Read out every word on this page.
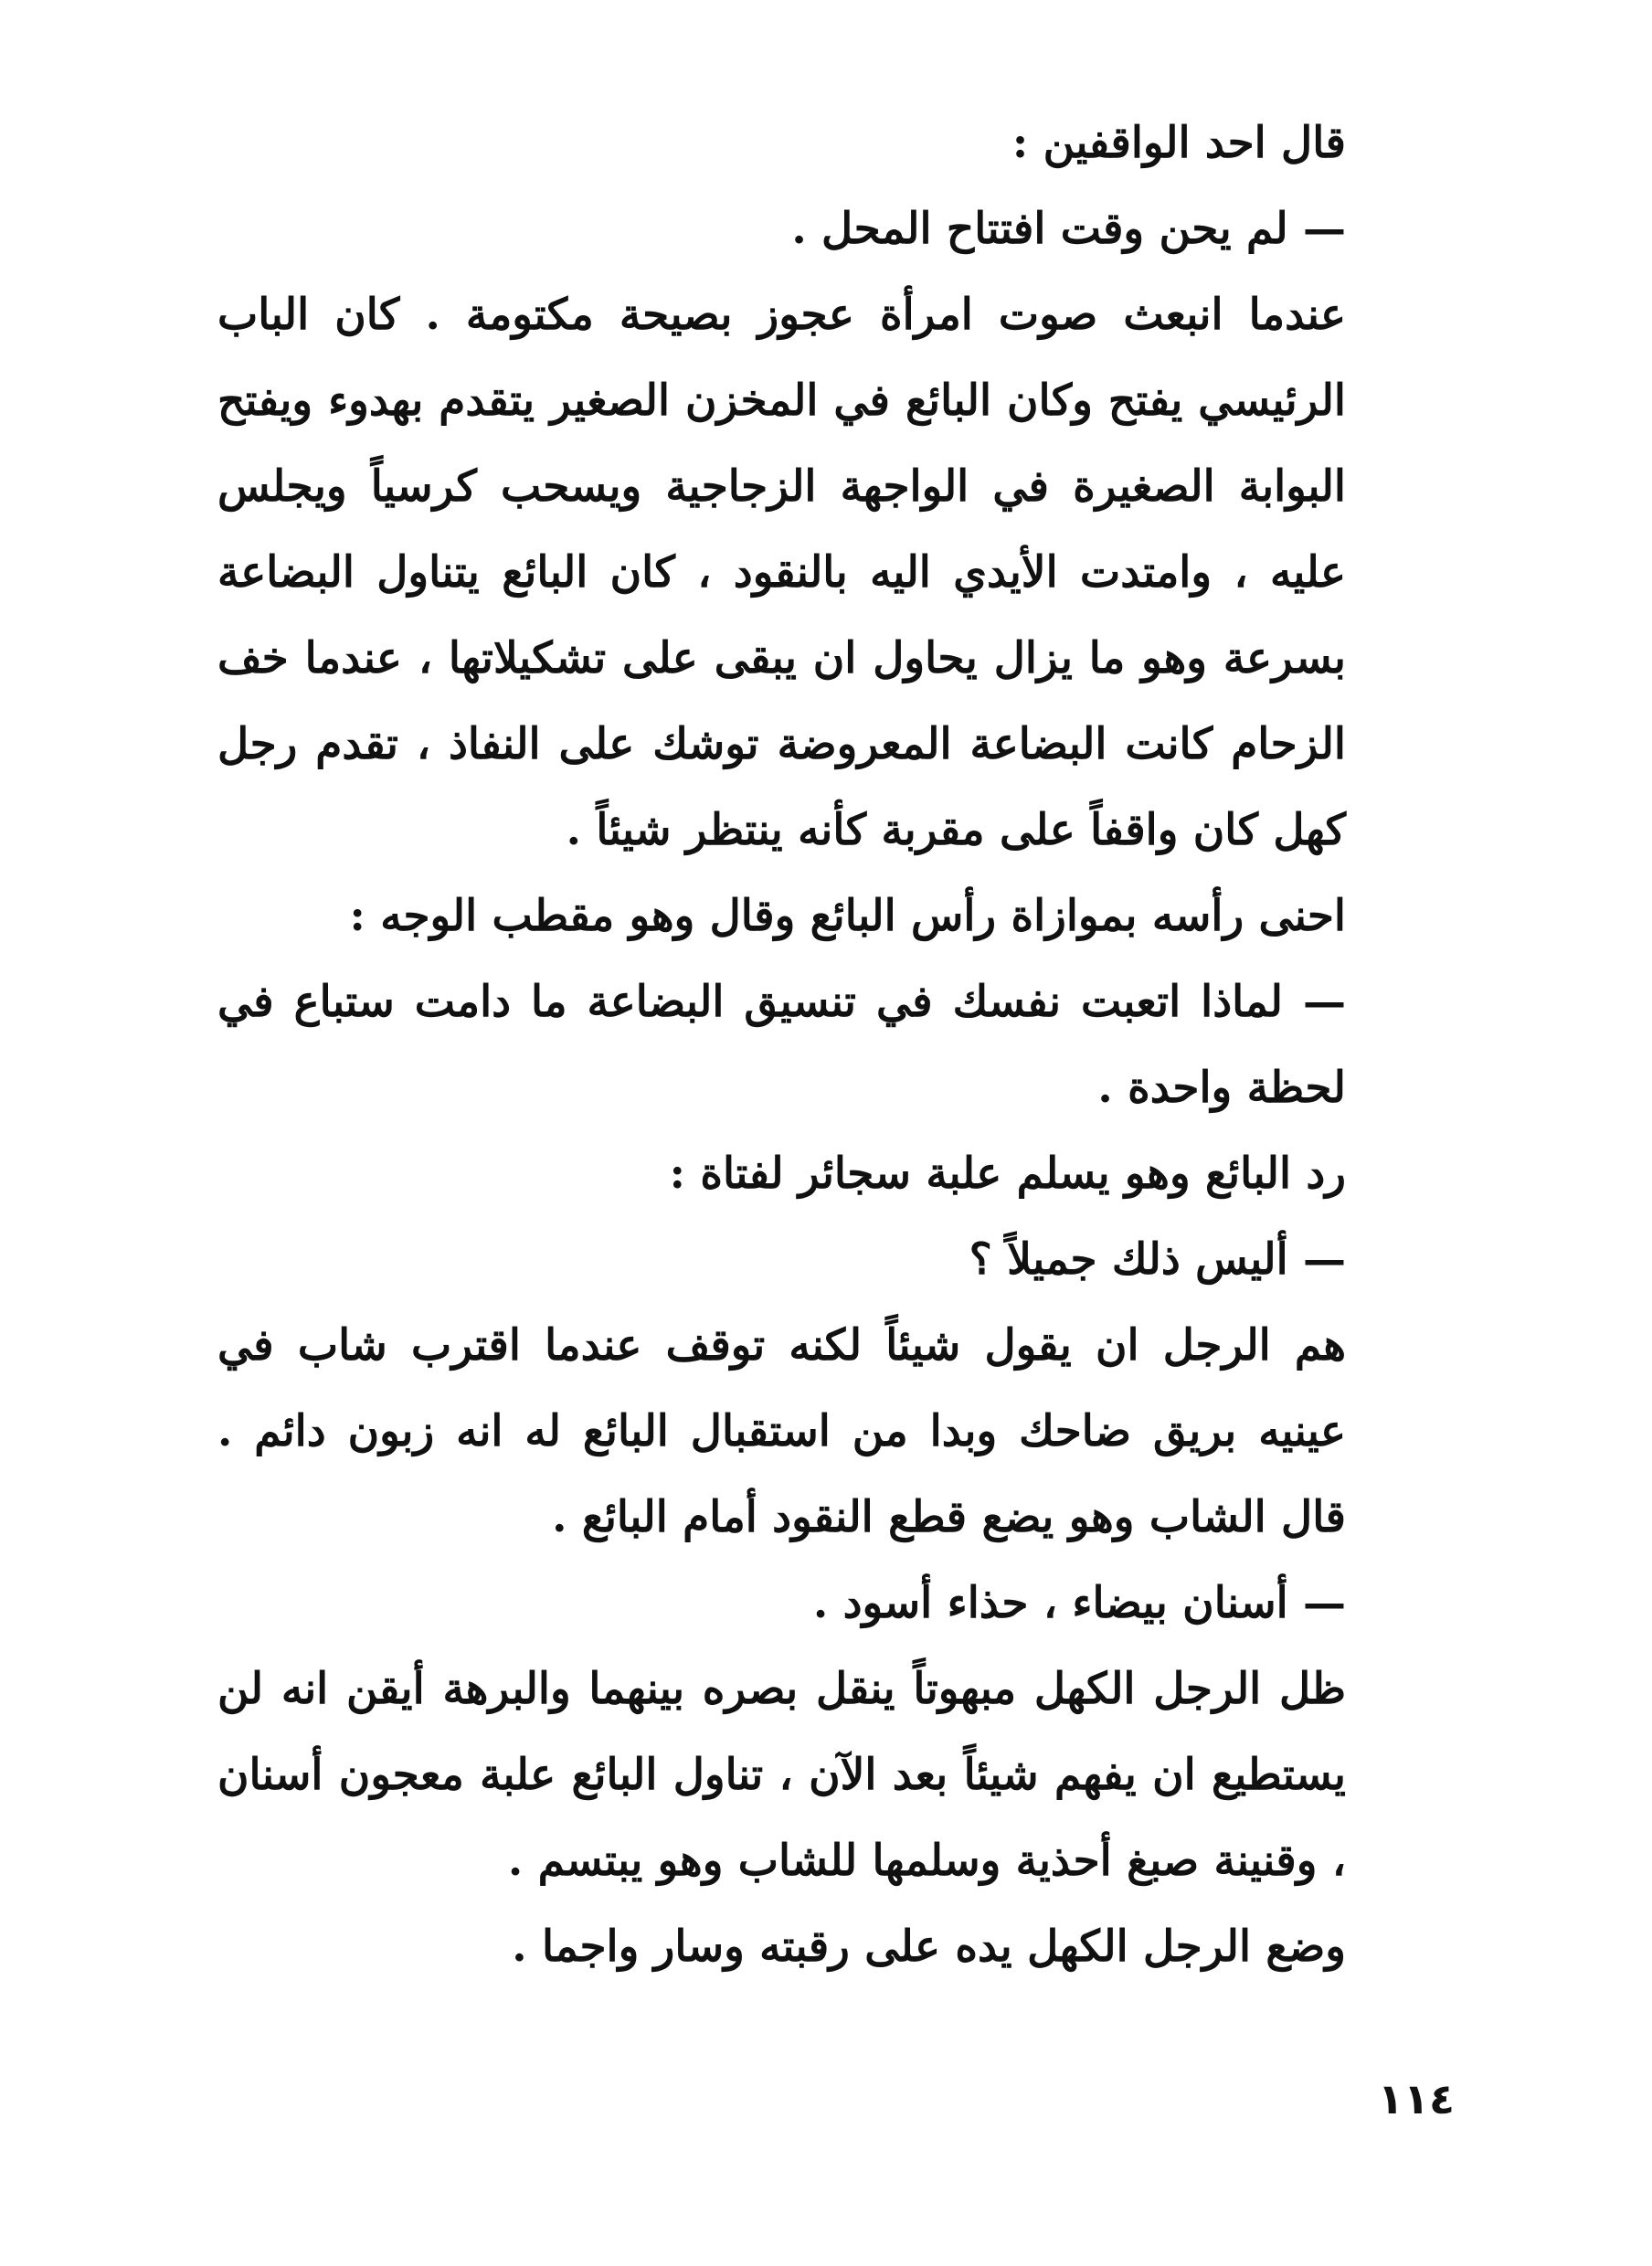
قال احد الواقفين :

— لم يحن وقت افتتاح المحل .

عندما انبعث صوت امرأة عجوز بصيحة مكتومة . كان الباب الرئيسي يفتح وكان البائع في المخزن الصغير يتقدم بهدوء ويفتح البوابة الصغيرة في الواجهة الزجاجية ويسحب كرسياً ويجلس عليه ، وامتدت الأيدي اليه بالنقود ، كان البائع يتناول البضاعة بسرعة وهو ما يزال يحاول ان يبقى على تشكيلاتها ، عندما خف الزحام كانت البضاعة المعروضة توشك على النفاذ ، تقدم رجل كهل كان واقفاً على مقربة كأنه ينتظر شيئاً .

احنى رأسه بموازاة رأس البائع وقال وهو مقطب الوجه :

— لماذا اتعبت نفسك في تنسيق البضاعة ما دامت ستباع في لحظة واحدة .

رد البائع وهو يسلم علبة سجائر لفتاة :

— أليس ذلك جميلاً ؟

هم الرجل ان يقول شيئاً لكنه توقف عندما اقترب شاب في عينيه بريق ضاحك وبدا من استقبال البائع له انه زبون دائم . قال الشاب وهو يضع قطع النقود أمام البائع .

— أسنان بيضاء ، حذاء أسود .

ظل الرجل الكهل مبهوتاً ينقل بصره بينهما والبرهة أيقن انه لن يستطيع ان يفهم شيئاً بعد الآن ، تناول البائع علبة معجون أسنان ، وقنينة صبغ أحذية وسلمها للشاب وهو يبتسم .

وضع الرجل الكهل يده على رقبته وسار واجما .

١١٤
